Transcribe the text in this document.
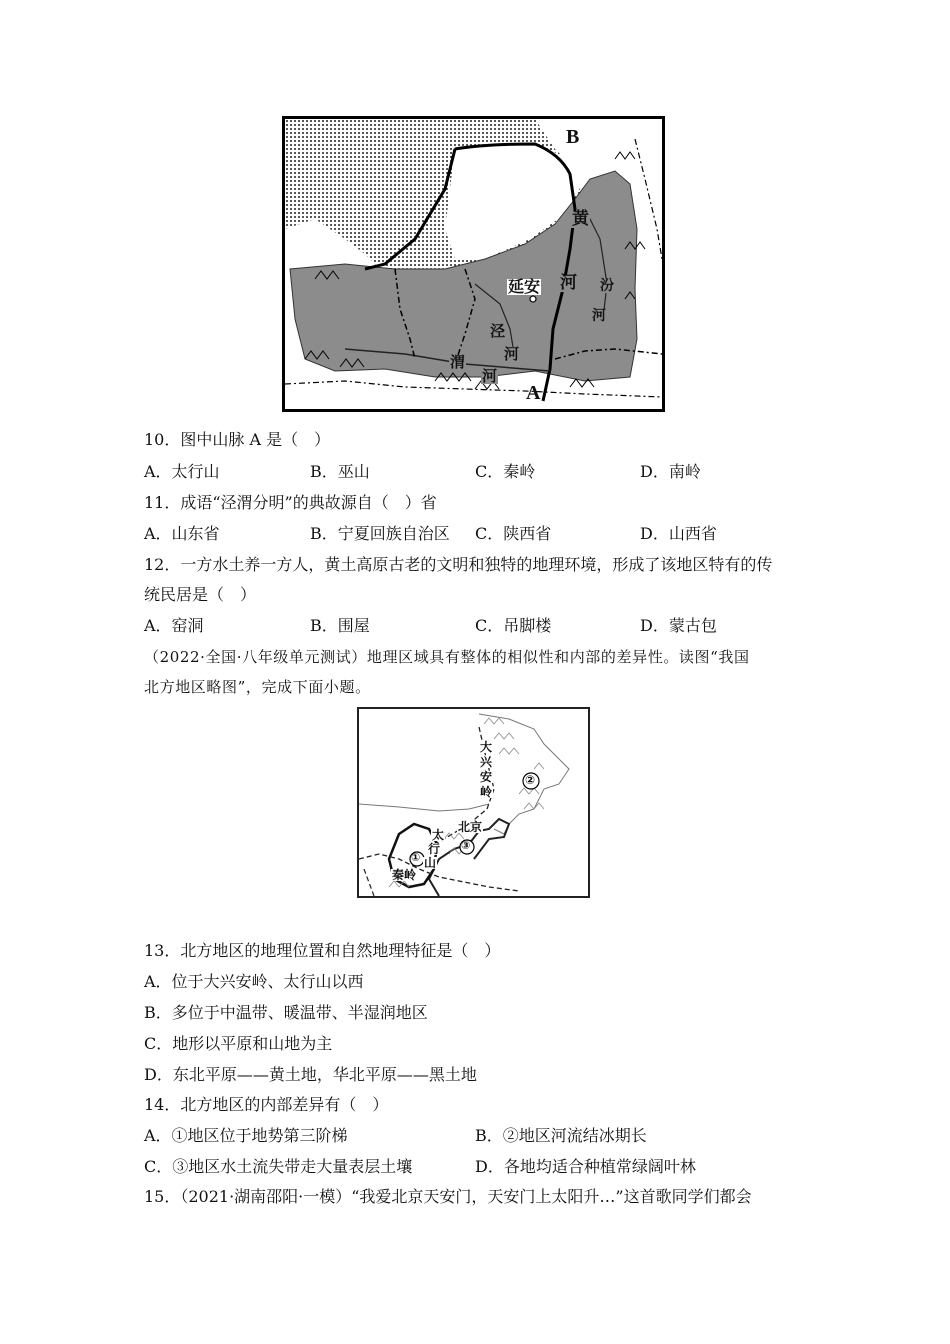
B
A
延安
黄
河 汾
河
泾
河
渭
河
10．图中山脉 A 是（　）
A．太行山	B．巫山	C．秦岭	D．南岭
11．成语“泾渭分明”的典故源自（　）省
A．山东省	B．宁夏回族自治区 C．陕西省	D．山西省
12．一方水土养一方人，黄土高原古老的文明和独特的地理环境，形成了该地区特有的传
统民居是（　）
A．窑洞	B．围屋	C．吊脚楼	D．蒙古包
（2022·全国·八年级单元测试）地理区域具有整体的相似性和内部的差异性。读图“我国
北方地区略图”，完成下面小题。
大
兴
安
岭
太
行
山
北京
秦岭
①
②
③
13．北方地区的地理位置和自然地理特征是（　）
A．位于大兴安岭、太行山以西
B．多位于中温带、暖温带、半湿润地区
C．地形以平原和山地为主
D．东北平原——黄土地，华北平原——黑土地
14．北方地区的内部差异有（　）
A．①地区位于地势第三阶梯	B．②地区河流结冰期长
C．③地区水土流失带走大量表层土壤	D．各地均适合种植常绿阔叶林
15．（2021·湖南邵阳·一模）“我爱北京天安门，天安门上太阳升…”这首歌同学们都会
